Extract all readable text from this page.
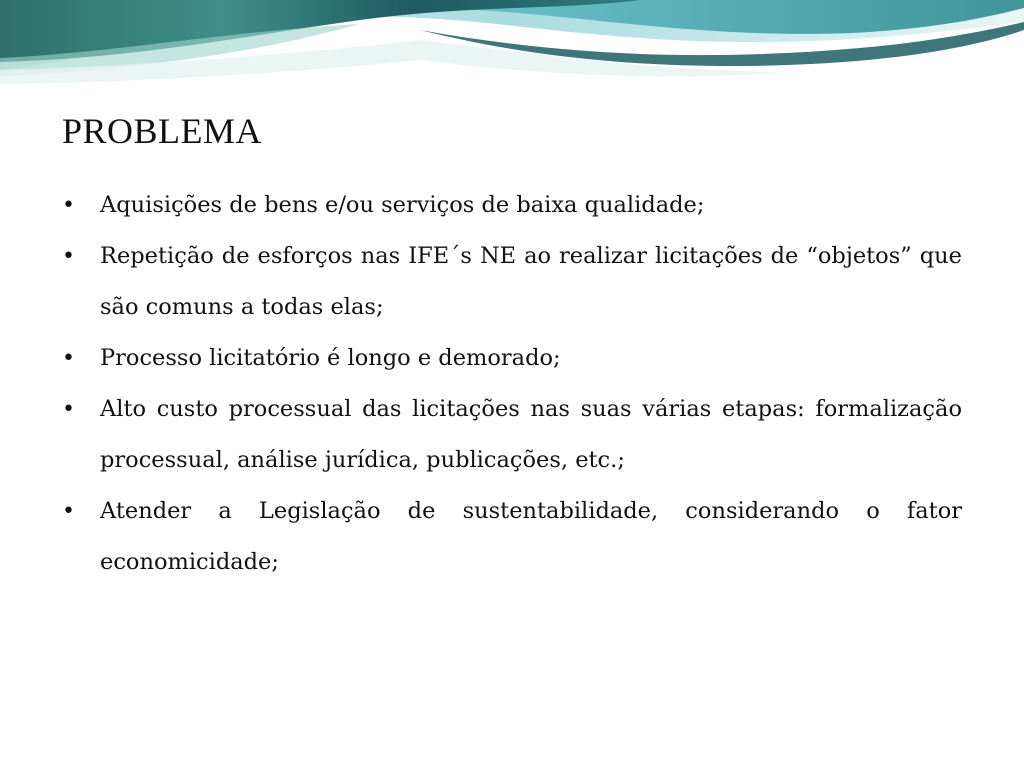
PROBLEMA
• Aquisições de bens e/ou serviços de baixa qualidade;
• Repetiçãо de esforços nas IFE´s NE ao realizar licitações de “objetos” que são comuns a todas elas;
• Processo licitatório é longo e demorado;
• Alto custo processual das licitações nas suas várias etapas: formalização processual, análise jurídica, publicações, etc.;
• Atender a Legislação de sustentabilidade, considerando o fator economicidade;
